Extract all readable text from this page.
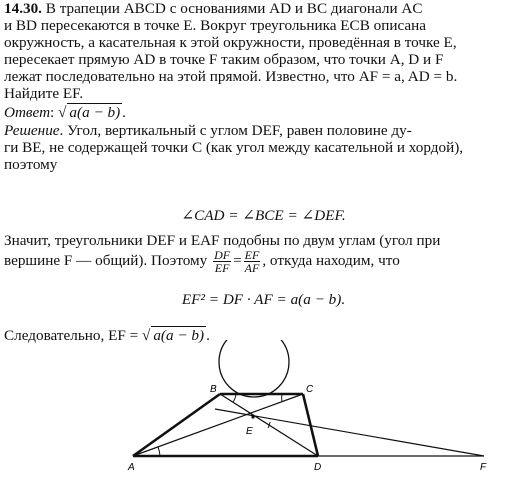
14.30. В трапеции ABCD с основаниями AD и BC диагонали AC
и BD пересекаются в точке E. Вокруг треугольника ECB описана
окружность, а касательная к этой окружности, проведённая в точке E,
пересекает прямую AD в точке F таким образом, что точки A, D и F
лежат последовательно на этой прямой. Известно, что AF = a, AD = b.
Найдите EF.
Ответ: √ a(a − b) .
Решение. Угол, вертикальный с углом DEF, равен половине ду-
ги BE, не содержащей точки C (как угол между касательной и хордой),
поэтому
∠CAD = ∠BCE = ∠DEF.
Значит, треугольники DEF и EAF подобны по двум углам (угол при
вершине F — общий). Поэтому $\frac{DF}{EF} = \frac{EF}{AF}$ , откуда находим, что
EF² = DF · AF = a(a − b).
Следовательно, EF = √ a(a − b) .
B	C
E
A	D	F
